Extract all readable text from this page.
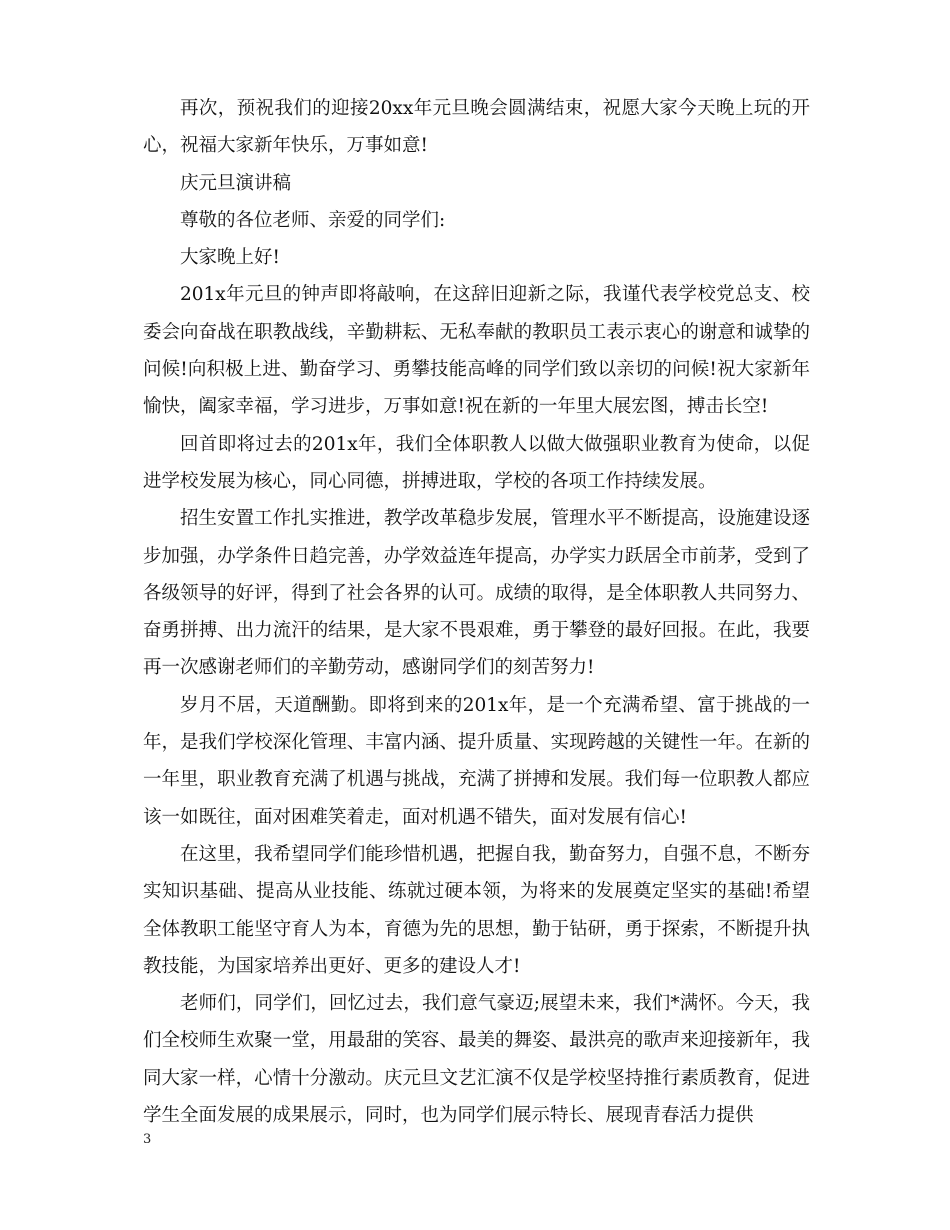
再次，预祝我们的迎接20xx年元旦晚会圆满结束，祝愿大家今天晚上玩的开心，祝福大家新年快乐，万事如意!

庆元旦演讲稿

尊敬的各位老师、亲爱的同学们:

大家晚上好!

201x年元旦的钟声即将敲响，在这辞旧迎新之际，我谨代表学校党总支、校委会向奋战在职教战线，辛勤耕耘、无私奉献的教职员工表示衷心的谢意和诚挚的问候!向积极上进、勤奋学习、勇攀技能高峰的同学们致以亲切的问候!祝大家新年愉快，阖家幸福，学习进步，万事如意!祝在新的一年里大展宏图，搏击长空!

回首即将过去的201x年，我们全体职教人以做大做强职业教育为使命，以促进学校发展为核心，同心同德，拼搏进取，学校的各项工作持续发展。

招生安置工作扎实推进，教学改革稳步发展，管理水平不断提高，设施建设逐步加强，办学条件日趋完善，办学效益连年提高，办学实力跃居全市前茅，受到了各级领导的好评，得到了社会各界的认可。成绩的取得，是全体职教人共同努力、奋勇拼搏、出力流汗的结果，是大家不畏艰难，勇于攀登的最好回报。在此，我要再一次感谢老师们的辛勤劳动，感谢同学们的刻苦努力!

岁月不居，天道酬勤。即将到来的201x年，是一个充满希望、富于挑战的一年，是我们学校深化管理、丰富内涵、提升质量、实现跨越的关键性一年。在新的一年里，职业教育充满了机遇与挑战，充满了拼搏和发展。我们每一位职教人都应该一如既往，面对困难笑着走，面对机遇不错失，面对发展有信心!

在这里，我希望同学们能珍惜机遇，把握自我，勤奋努力，自强不息，不断夯实知识基础、提高从业技能、练就过硬本领，为将来的发展奠定坚实的基础!希望全体教职工能坚守育人为本，育德为先的思想，勤于钻研，勇于探索，不断提升执教技能，为国家培养出更好、更多的建设人才!

老师们，同学们，回忆过去，我们意气豪迈;展望未来，我们*满怀。今天，我们全校师生欢聚一堂，用最甜的笑容、最美的舞姿、最洪亮的歌声来迎接新年，我同大家一样，心情十分激动。庆元旦文艺汇演不仅是学校坚持推行素质教育，促进学生全面发展的成果展示，同时，也为同学们展示特长、展现青春活力提供

3
